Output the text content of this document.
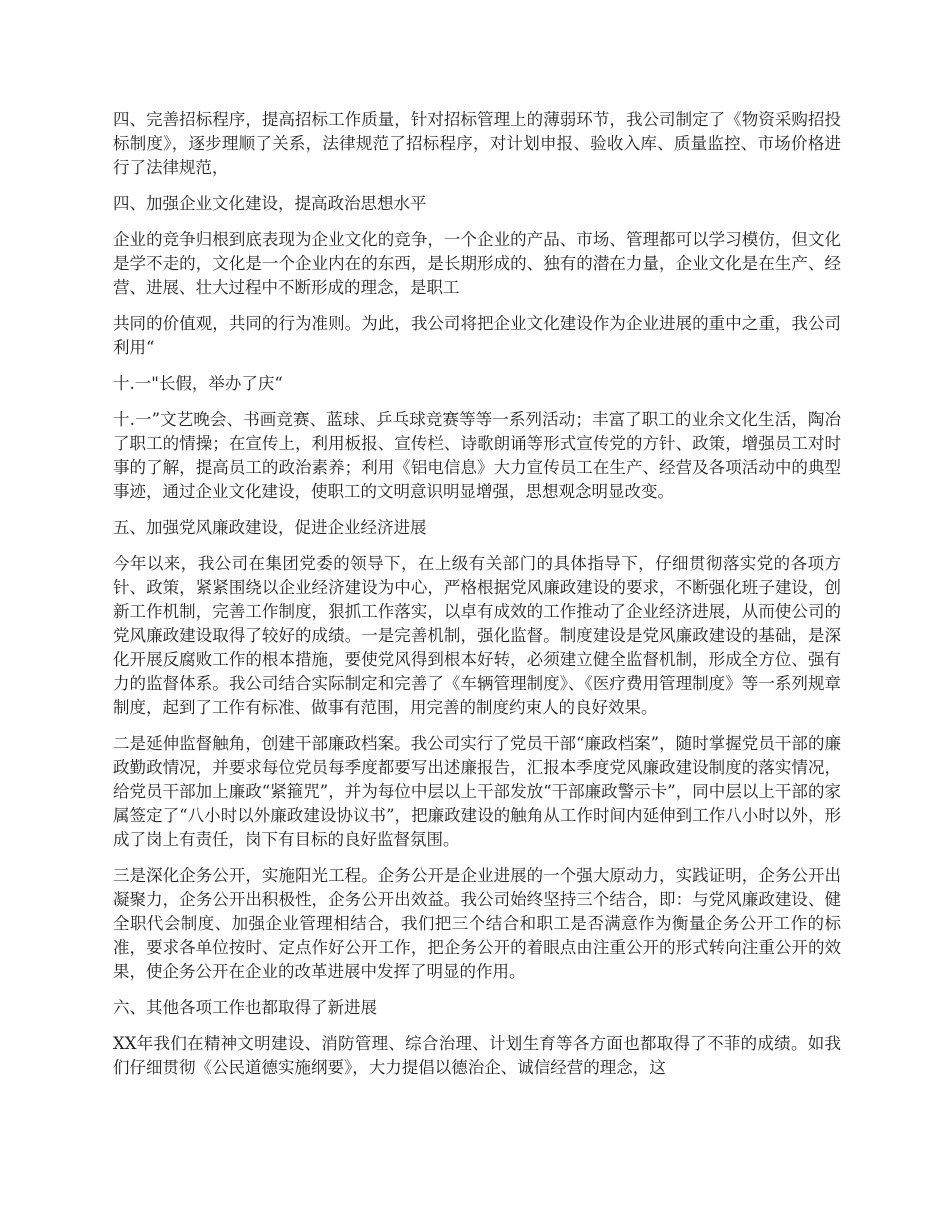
四、完善招标程序，提高招标工作质量，针对招标管理上的薄弱环节，我公司制定了《物资采购招投标制度》，逐步理顺了关系，法律规范了招标程序，对计划申报、验收入库、质量监控、市场价格进行了法律规范，

四、加强企业文化建设，提高政治思想水平

企业的竞争归根到底表现为企业文化的竞争，一个企业的产品、市场、管理都可以学习模仿，但文化是学不走的，文化是一个企业内在的东西，是长期形成的、独有的潜在力量，企业文化是在生产、经营、进展、壮大过程中不断形成的理念，是职工

共同的价值观，共同的行为准则。为此，我公司将把企业文化建设作为企业进展的重中之重，我公司利用“

十.一"长假，举办了庆“

十.一”文艺晚会、书画竞赛、蓝球、乒乓球竞赛等等一系列活动；丰富了职工的业余文化生活，陶冶了职工的情操；在宣传上，利用板报、宣传栏、诗歌朗诵等形式宣传党的方针、政策，增强员工对时事的了解，提高员工的政治素养；利用《铝电信息》大力宣传员工在生产、经营及各项活动中的典型事迹，通过企业文化建设，使职工的文明意识明显增强，思想观念明显改变。

五、加强党风廉政建设，促进企业经济进展

今年以来，我公司在集团党委的领导下，在上级有关部门的具体指导下，仔细贯彻落实党的各项方针、政策，紧紧围绕以企业经济建设为中心，严格根据党风廉政建设的要求，不断强化班子建设，创新工作机制，完善工作制度，狠抓工作落实，以卓有成效的工作推动了企业经济进展，从而使公司的党风廉政建设取得了较好的成绩。一是完善机制，强化监督。制度建设是党风廉政建设的基础，是深化开展反腐败工作的根本措施，要使党风得到根本好转，必须建立健全监督机制，形成全方位、强有力的监督体系。我公司结合实际制定和完善了《车辆管理制度》、《医疗费用管理制度》等一系列规章制度，起到了工作有标准、做事有范围，用完善的制度约束人的良好效果。

二是延伸监督触角，创建干部廉政档案。我公司实行了党员干部“廉政档案”，随时掌握党员干部的廉政勤政情况，并要求每位党员每季度都要写出述廉报告，汇报本季度党风廉政建设制度的落实情况，给党员干部加上廉政“紧箍咒”，并为每位中层以上干部发放“干部廉政警示卡”，同中层以上干部的家属签定了“八小时以外廉政建设协议书”，把廉政建设的触角从工作时间内延伸到工作八小时以外，形成了岗上有责任，岗下有目标的良好监督氛围。

三是深化企务公开，实施阳光工程。企务公开是企业进展的一个强大原动力，实践证明，企务公开出凝聚力，企务公开出积极性，企务公开出效益。我公司始终坚持三个结合，即：与党风廉政建设、健全职代会制度、加强企业管理相结合，我们把三个结合和职工是否满意作为衡量企务公开工作的标准，要求各单位按时、定点作好公开工作，把企务公开的着眼点由注重公开的形式转向注重公开的效果，使企务公开在企业的改革进展中发挥了明显的作用。

六、其他各项工作也都取得了新进展

XX年我们在精神文明建设、消防管理、综合治理、计划生育等各方面也都取得了不菲的成绩。如我们仔细贯彻《公民道德实施纲要》，大力提倡以德治企、诚信经营的理念，这
